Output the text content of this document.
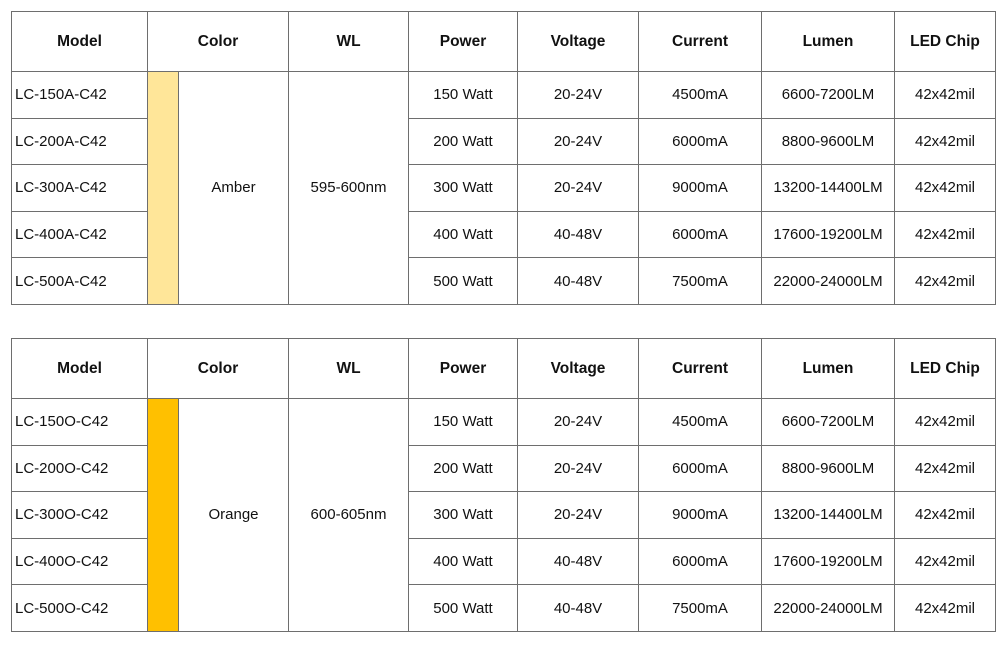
Model	Color		WL	Power	Voltage	Current	Lumen	LED Chip
LC-150A-C42		Amber	595-600nm	150 Watt	20-24V	4500mA	6600-7200LM	42x42mil
LC-200A-C42				200 Watt	20-24V	6000mA	8800-9600LM	42x42mil
LC-300A-C42				300 Watt	20-24V	9000mA	13200-14400LM	42x42mil
LC-400A-C42				400 Watt	40-48V	6000mA	17600-19200LM	42x42mil
LC-500A-C42				500 Watt	40-48V	7500mA	22000-24000LM	42x42mil
Model	Color		WL	Power	Voltage	Current	Lumen	LED Chip
LC-150O-C42		Orange	600-605nm	150 Watt	20-24V	4500mA	6600-7200LM	42x42mil
LC-200O-C42				200 Watt	20-24V	6000mA	8800-9600LM	42x42mil
LC-300O-C42				300 Watt	20-24V	9000mA	13200-14400LM	42x42mil
LC-400O-C42				400 Watt	40-48V	6000mA	17600-19200LM	42x42mil
LC-500O-C42				500 Watt	40-48V	7500mA	22000-24000LM	42x42mil
